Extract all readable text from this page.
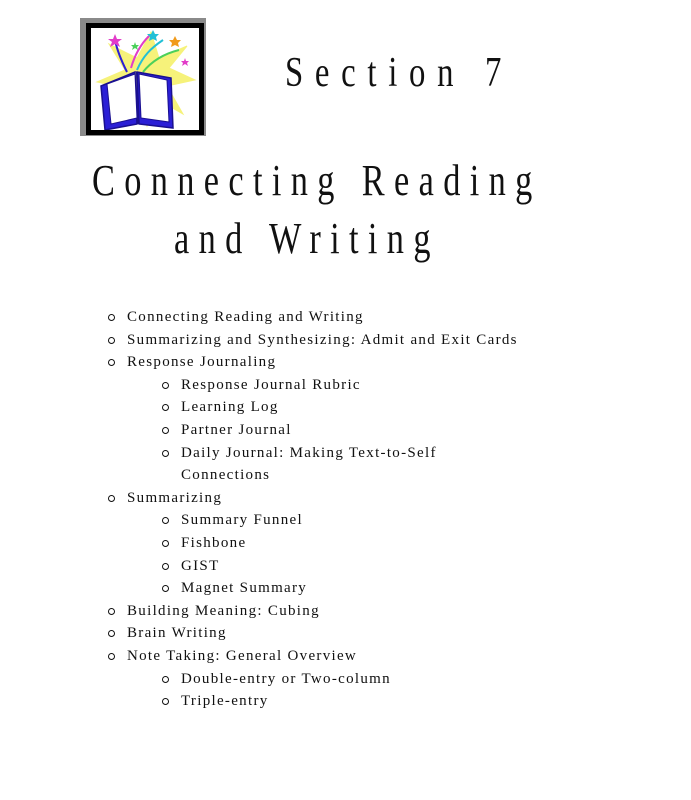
Section 7
Connecting Reading
and Writing
Connecting Reading and Writing
Summarizing and Synthesizing: Admit and Exit Cards
Response Journaling
Response Journal Rubric
Learning Log
Partner Journal
Daily Journal: Making Text-to-Self Connections
Summarizing
Summary Funnel
Fishbone
GIST
Magnet Summary
Building Meaning: Cubing
Brain Writing
Note Taking: General Overview
Double-entry or Two-column
Triple-entry
